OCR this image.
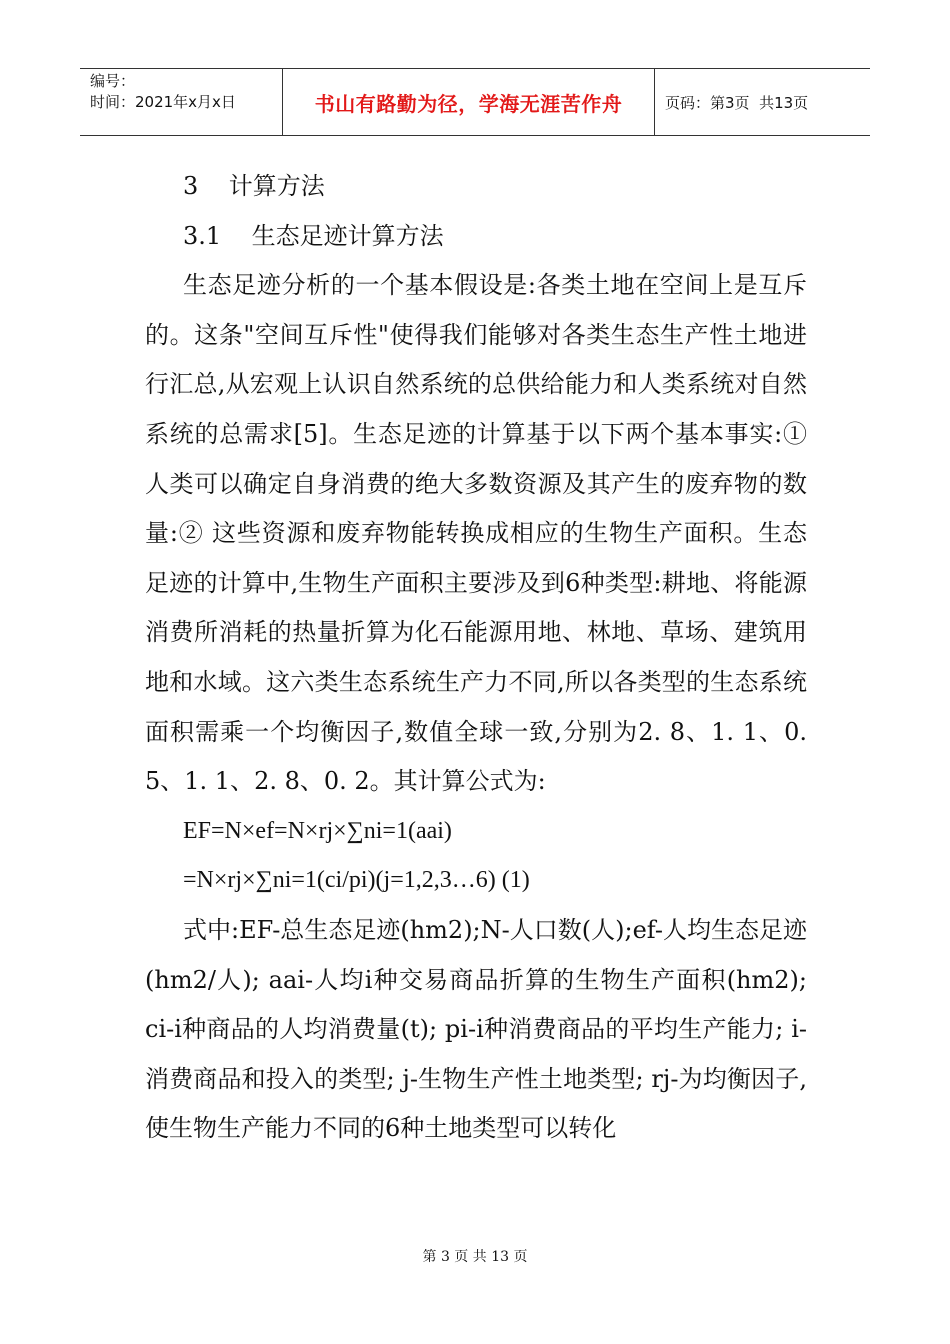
编号：
时间：2021年x月x日	书山有路勤为径，学海无涯苦作舟	页码：第3页  共13页

3    计算方法

3.1    生态足迹计算方法

生态足迹分析的一个基本假设是:各类土地在空间上是互斥的。这条"空间互斥性"使得我们能够对各类生态生产性土地进行汇总,从宏观上认识自然系统的总供给能力和人类系统对自然系统的总需求[5]。生态足迹的计算基于以下两个基本事实:① 人类可以确定自身消费的绝大多数资源及其产生的废弃物的数量:② 这些资源和废弃物能转换成相应的生物生产面积。生态足迹的计算中,生物生产面积主要涉及到6种类型:耕地、将能源消费所消耗的热量折算为化石能源用地、林地、草场、建筑用地和水域。这六类生态系统生产力不同,所以各类型的生态系统面积需乘一个均衡因子,数值全球一致,分别为2. 8、1. 1、0. 5、1. 1、2. 8、0. 2。其计算公式为:

EF=N×ef=N×rj×∑ni=1(aai)

=N×rj×∑ni=1(ci/pi)(j=1,2,3…6) (1)

式中:EF-总生态足迹(hm2);N-人口数(人);ef-人均生态足迹(hm2/人); aai-人均i种交易商品折算的生物生产面积(hm2); ci-i种商品的人均消费量(t); pi-i种消费商品的平均生产能力; i-消费商品和投入的类型; j-生物生产性土地类型; rj-为均衡因子,使生物生产能力不同的6种土地类型可以转化

第 3 页 共 13 页
